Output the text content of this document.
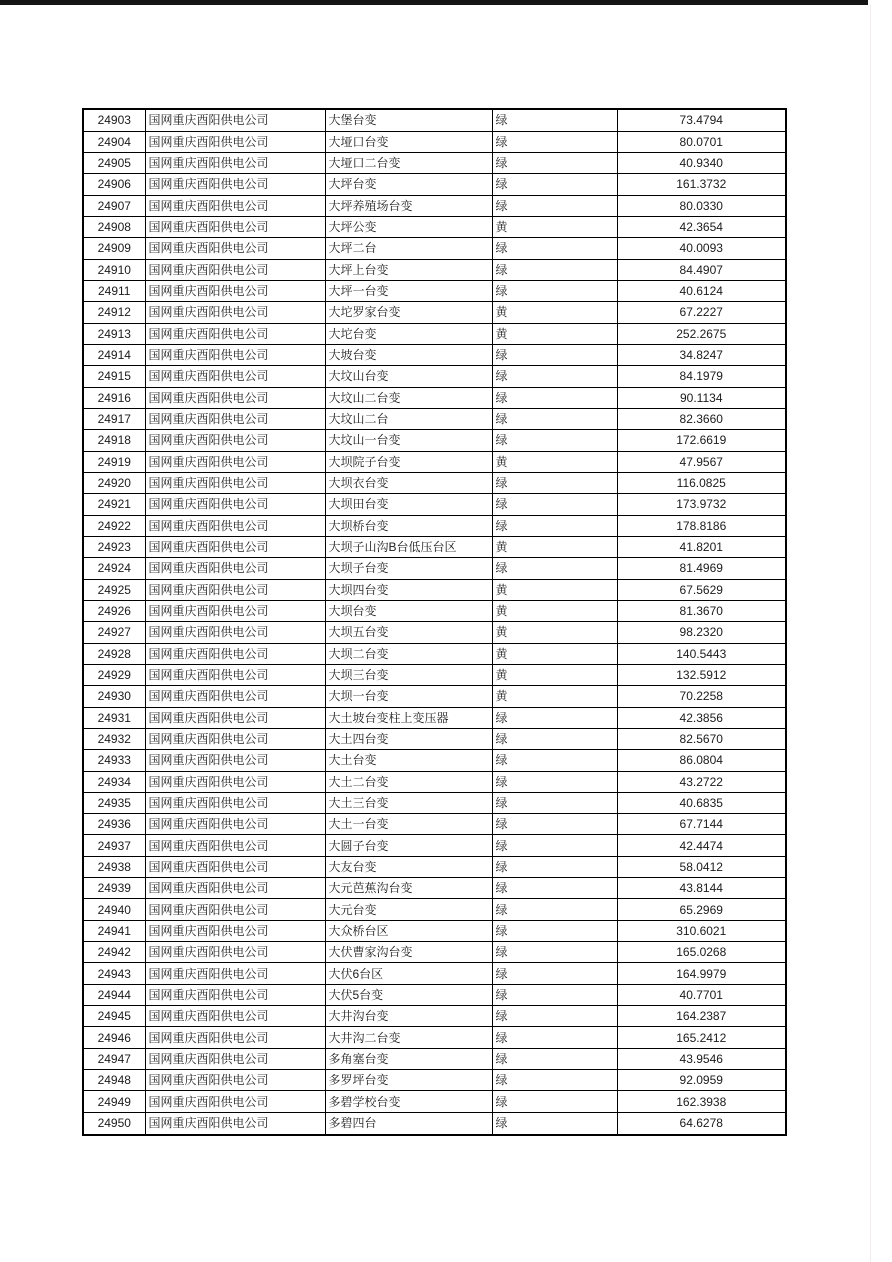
24903	国网重庆酉阳供电公司	大堡台变	绿	73.4794
24904	国网重庆酉阳供电公司	大垭口台变	绿	80.0701
24905	国网重庆酉阳供电公司	大垭口二台变	绿	40.9340
24906	国网重庆酉阳供电公司	大坪台变	绿	161.3732
24907	国网重庆酉阳供电公司	大坪养殖场台变	绿	80.0330
24908	国网重庆酉阳供电公司	大坪公变	黄	42.3654
24909	国网重庆酉阳供电公司	大坪二台	绿	40.0093
24910	国网重庆酉阳供电公司	大坪上台变	绿	84.4907
24911	国网重庆酉阳供电公司	大坪一台变	绿	40.6124
24912	国网重庆酉阳供电公司	大坨罗家台变	黄	67.2227
24913	国网重庆酉阳供电公司	大坨台变	黄	252.2675
24914	国网重庆酉阳供电公司	大坡台变	绿	34.8247
24915	国网重庆酉阳供电公司	大坟山台变	绿	84.1979
24916	国网重庆酉阳供电公司	大坟山二台变	绿	90.1134
24917	国网重庆酉阳供电公司	大坟山二台	绿	82.3660
24918	国网重庆酉阳供电公司	大坟山一台变	绿	172.6619
24919	国网重庆酉阳供电公司	大坝院子台变	黄	47.9567
24920	国网重庆酉阳供电公司	大坝衣台变	绿	116.0825
24921	国网重庆酉阳供电公司	大坝田台变	绿	173.9732
24922	国网重庆酉阳供电公司	大坝桥台变	绿	178.8186
24923	国网重庆酉阳供电公司	大坝子山沟B台低压台区	黄	41.8201
24924	国网重庆酉阳供电公司	大坝子台变	绿	81.4969
24925	国网重庆酉阳供电公司	大坝四台变	黄	67.5629
24926	国网重庆酉阳供电公司	大坝台变	黄	81.3670
24927	国网重庆酉阳供电公司	大坝五台变	黄	98.2320
24928	国网重庆酉阳供电公司	大坝二台变	黄	140.5443
24929	国网重庆酉阳供电公司	大坝三台变	黄	132.5912
24930	国网重庆酉阳供电公司	大坝一台变	黄	70.2258
24931	国网重庆酉阳供电公司	大土坡台变柱上变压器	绿	42.3856
24932	国网重庆酉阳供电公司	大土四台变	绿	82.5670
24933	国网重庆酉阳供电公司	大土台变	绿	86.0804
24934	国网重庆酉阳供电公司	大土二台变	绿	43.2722
24935	国网重庆酉阳供电公司	大土三台变	绿	40.6835
24936	国网重庆酉阳供电公司	大土一台变	绿	67.7144
24937	国网重庆酉阳供电公司	大圆子台变	绿	42.4474
24938	国网重庆酉阳供电公司	大友台变	绿	58.0412
24939	国网重庆酉阳供电公司	大元芭蕉沟台变	绿	43.8144
24940	国网重庆酉阳供电公司	大元台变	绿	65.2969
24941	国网重庆酉阳供电公司	大众桥台区	绿	310.6021
24942	国网重庆酉阳供电公司	大伏曹家沟台变	绿	165.0268
24943	国网重庆酉阳供电公司	大伏6台区	绿	164.9979
24944	国网重庆酉阳供电公司	大伏5台变	绿	40.7701
24945	国网重庆酉阳供电公司	大井沟台变	绿	164.2387
24946	国网重庆酉阳供电公司	大井沟二台变	绿	165.2412
24947	国网重庆酉阳供电公司	多角塞台变	绿	43.9546
24948	国网重庆酉阳供电公司	多罗坪台变	绿	92.0959
24949	国网重庆酉阳供电公司	多碧学校台变	绿	162.3938
24950	国网重庆酉阳供电公司	多碧四台	绿	64.6278
